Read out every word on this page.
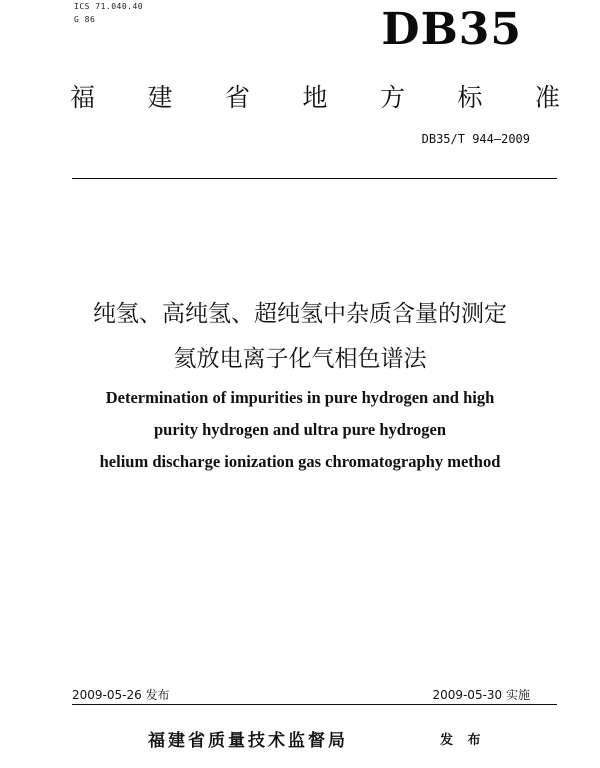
ICS 71.040.40
G 86	DB35
福 建 省 地 方 标 准
DB35/T 944—2009
纯氢、高纯氢、超纯氢中杂质含量的测定
氦放电离子化气相色谱法
Determination of impurities in pure hydrogen and high
purity hydrogen and ultra pure hydrogen
helium discharge ionization gas chromatography method
2009-05-26 发布	2009-05-30 实施
福建省质量技术监督局	发 布
